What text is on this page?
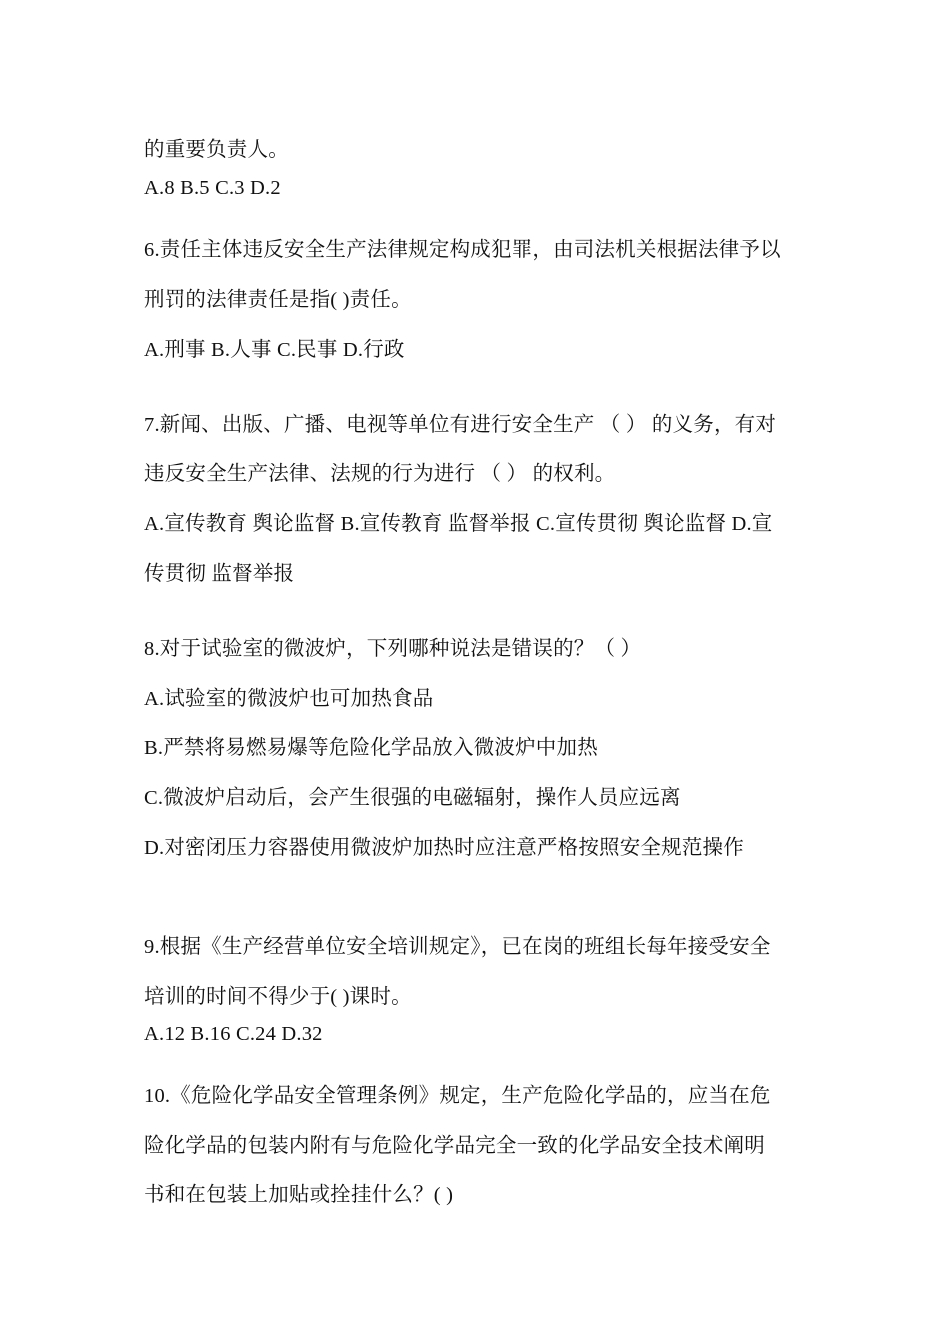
的重要负责人。
A.8 B.5 C.3 D.2
6.责任主体违反安全生产法律规定构成犯罪，由司法机关根据法律予以
刑罚的法律责任是指( )责任。
A.刑事 B.人事 C.民事 D.行政
7.新闻、出版、广播、电视等单位有进行安全生产 （ ） 的义务，有对
违反安全生产法律、法规的行为进行 （ ） 的权利。
A.宣传教育 舆论监督 B.宣传教育 监督举报 C.宣传贯彻 舆论监督 D.宣
传贯彻 监督举报
8.对于试验室的微波炉，下列哪种说法是错误的？（ ）
A.试验室的微波炉也可加热食品
B.严禁将易燃易爆等危险化学品放入微波炉中加热
C.微波炉启动后，会产生很强的电磁辐射，操作人员应远离
D.对密闭压力容器使用微波炉加热时应注意严格按照安全规范操作
9.根据《生产经营单位安全培训规定》，已在岗的班组长每年接受安全
培训的时间不得少于( )课时。
A.12 B.16 C.24 D.32
10.《危险化学品安全管理条例》规定，生产危险化学品的，应当在危
险化学品的包装内附有与危险化学品完全一致的化学品安全技术阐明
书和在包装上加贴或拴挂什么？( )
